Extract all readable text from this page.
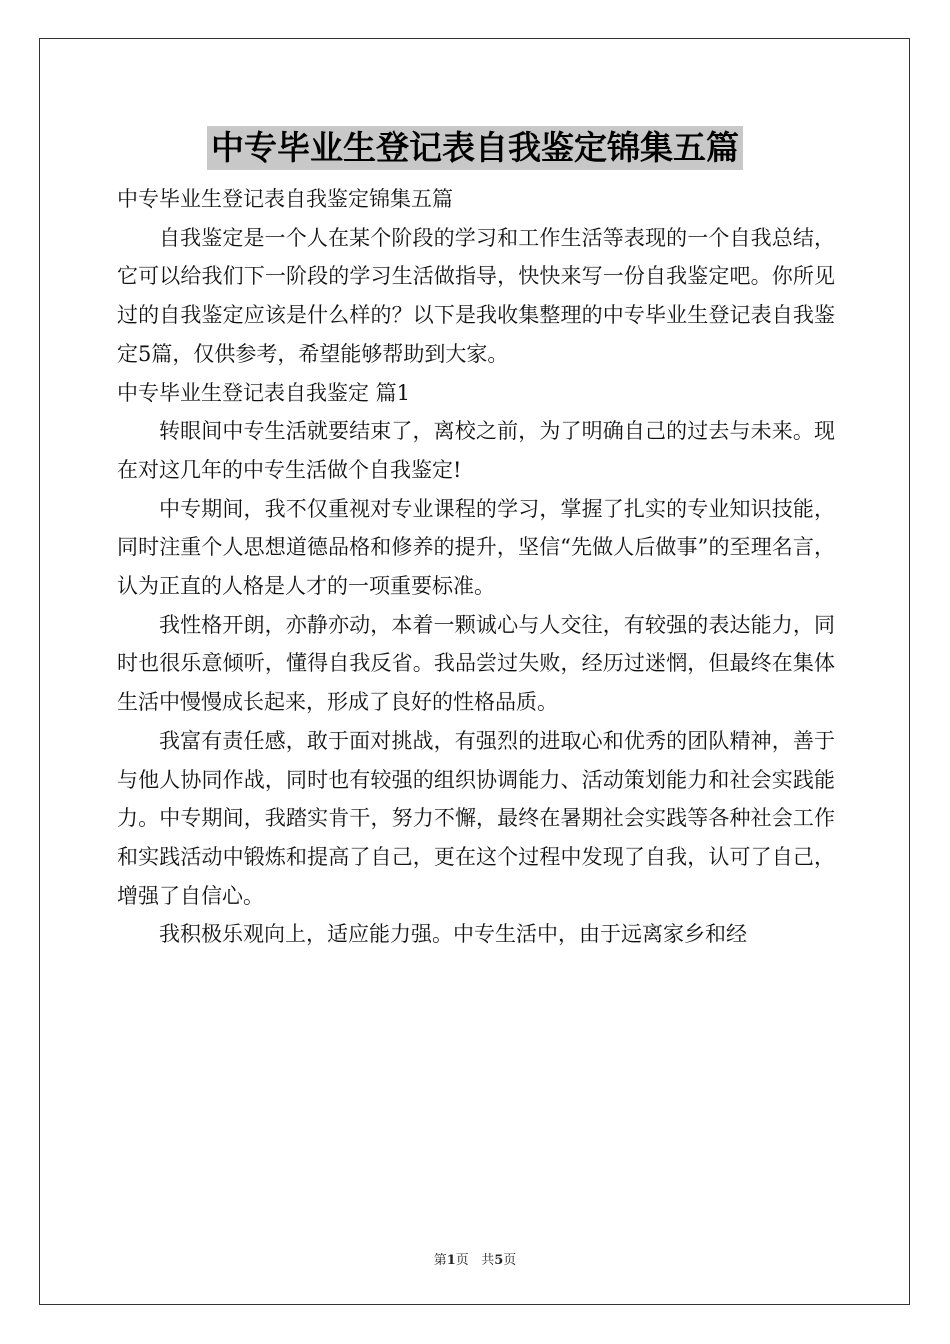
中专毕业生登记表自我鉴定锦集五篇

中专毕业生登记表自我鉴定锦集五篇

自我鉴定是一个人在某个阶段的学习和工作生活等表现的一个自我总结，它可以给我们下一阶段的学习生活做指导，快快来写一份自我鉴定吧。你所见过的自我鉴定应该是什么样的？以下是我收集整理的中专毕业生登记表自我鉴定5篇，仅供参考，希望能够帮助到大家。

中专毕业生登记表自我鉴定 篇1

转眼间中专生活就要结束了，离校之前，为了明确自己的过去与未来。现在对这几年的中专生活做个自我鉴定!

中专期间，我不仅重视对专业课程的学习，掌握了扎实的专业知识技能，同时注重个人思想道德品格和修养的提升，坚信“先做人后做事”的至理名言，认为正直的人格是人才的一项重要标准。

我性格开朗，亦静亦动，本着一颗诚心与人交往，有较强的表达能力，同时也很乐意倾听，懂得自我反省。我品尝过失败，经历过迷惘，但最终在集体生活中慢慢成长起来，形成了良好的性格品质。

我富有责任感，敢于面对挑战，有强烈的进取心和优秀的团队精神，善于与他人协同作战，同时也有较强的组织协调能力、活动策划能力和社会实践能力。中专期间，我踏实肯干，努力不懈，最终在暑期社会实践等各种社会工作和实践活动中锻炼和提高了自己，更在这个过程中发现了自我，认可了自己，增强了自信心。

我积极乐观向上，适应能力强。中专生活中，由于远离家乡和经

第1页 共5页
